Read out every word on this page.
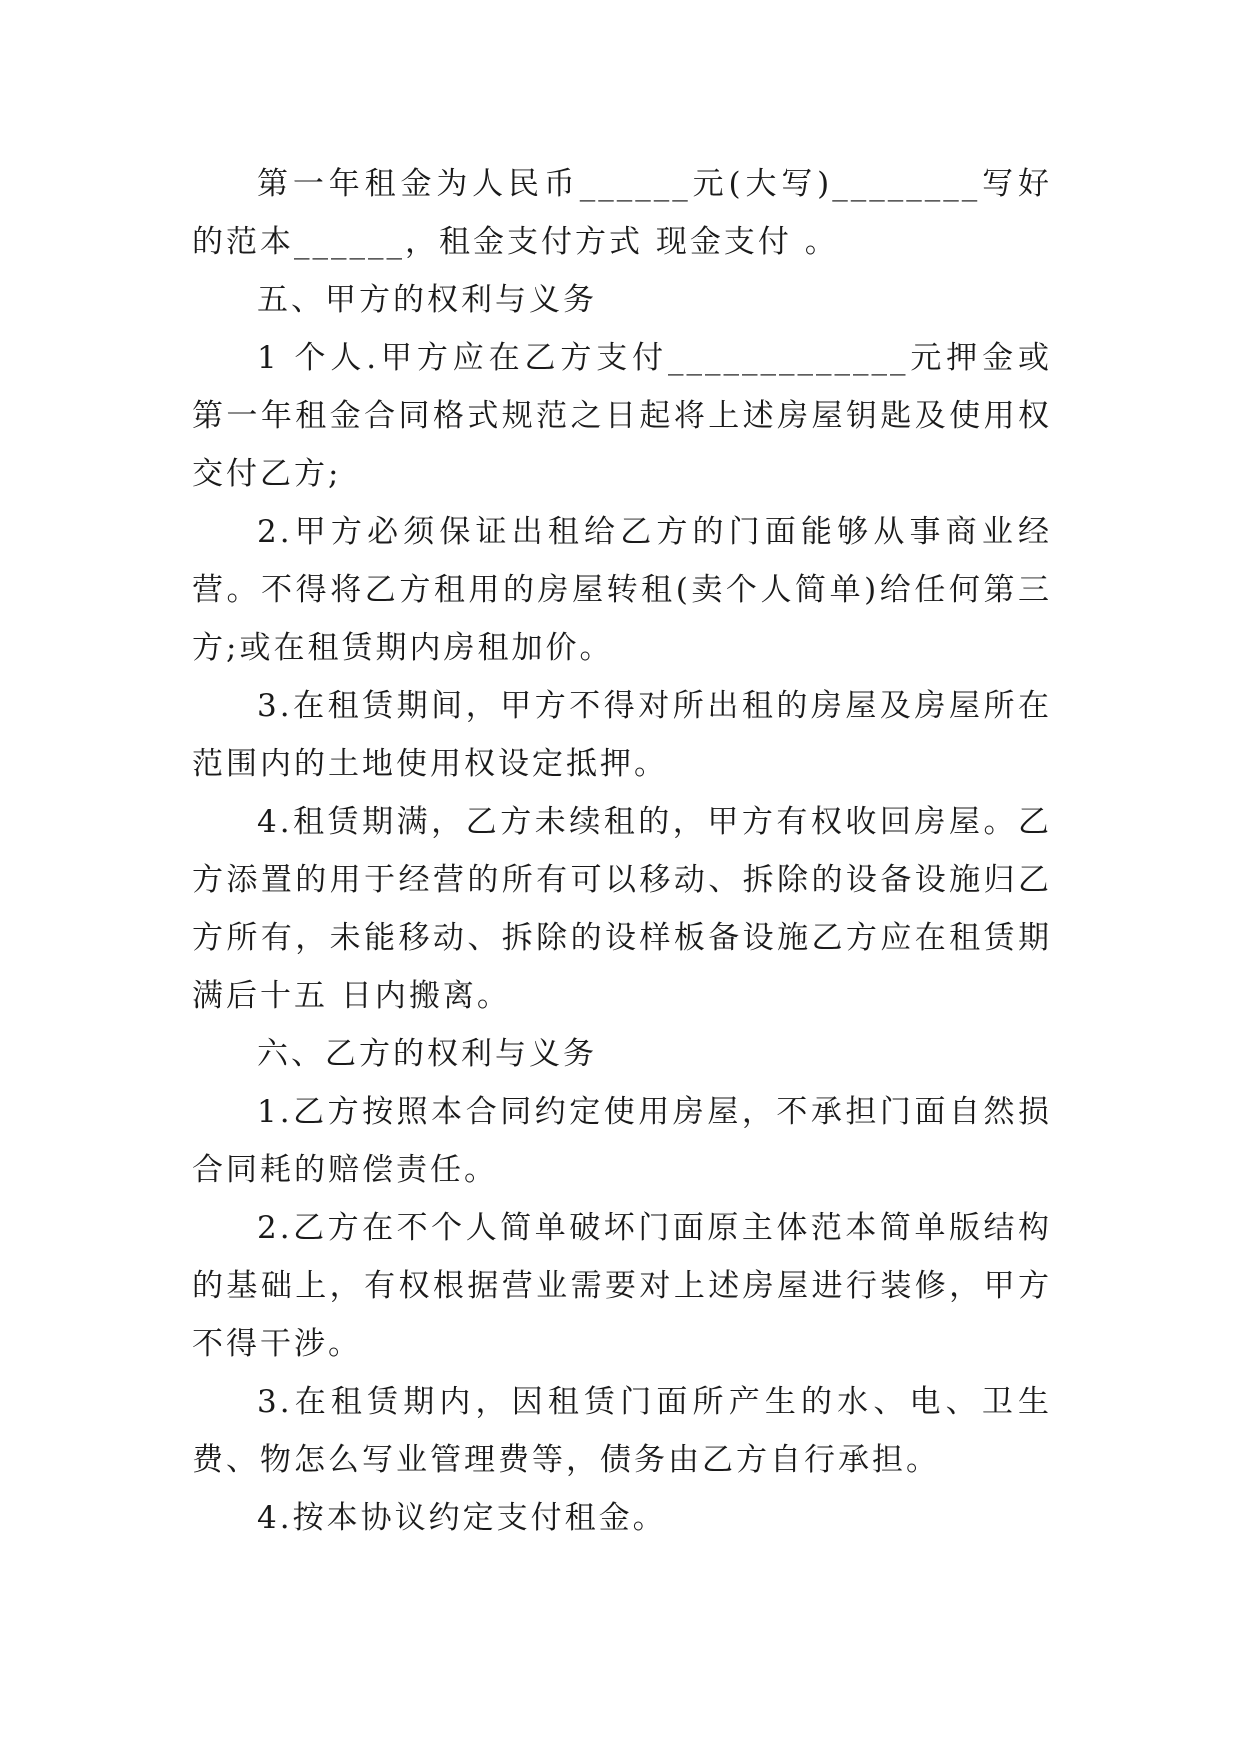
第一年租金为人民币______元(大写)________写好的范本______，租金支付方式 现金支付 。

五、甲方的权利与义务

1 个人.甲方应在乙方支付_____________元押金或第一年租金合同格式规范之日起将上述房屋钥匙及使用权交付乙方;

2.甲方必须保证出租给乙方的门面能够从事商业经营。不得将乙方租用的房屋转租(卖个人简单)给任何第三方;或在租赁期内房租加价。

3.在租赁期间，甲方不得对所出租的房屋及房屋所在范围内的土地使用权设定抵押。

4.租赁期满，乙方未续租的，甲方有权收回房屋。乙方添置的用于经营的所有可以移动、拆除的设备设施归乙方所有，未能移动、拆除的设样板备设施乙方应在租赁期满后十五 日内搬离。

六、乙方的权利与义务

1.乙方按照本合同约定使用房屋，不承担门面自然损合同耗的赔偿责任。

2.乙方在不个人简单破坏门面原主体范本简单版结构的基础上，有权根据营业需要对上述房屋进行装修，甲方不得干涉。

3.在租赁期内，因租赁门面所产生的水、电、卫生费、物怎么写业管理费等，债务由乙方自行承担。

4.按本协议约定支付租金。
